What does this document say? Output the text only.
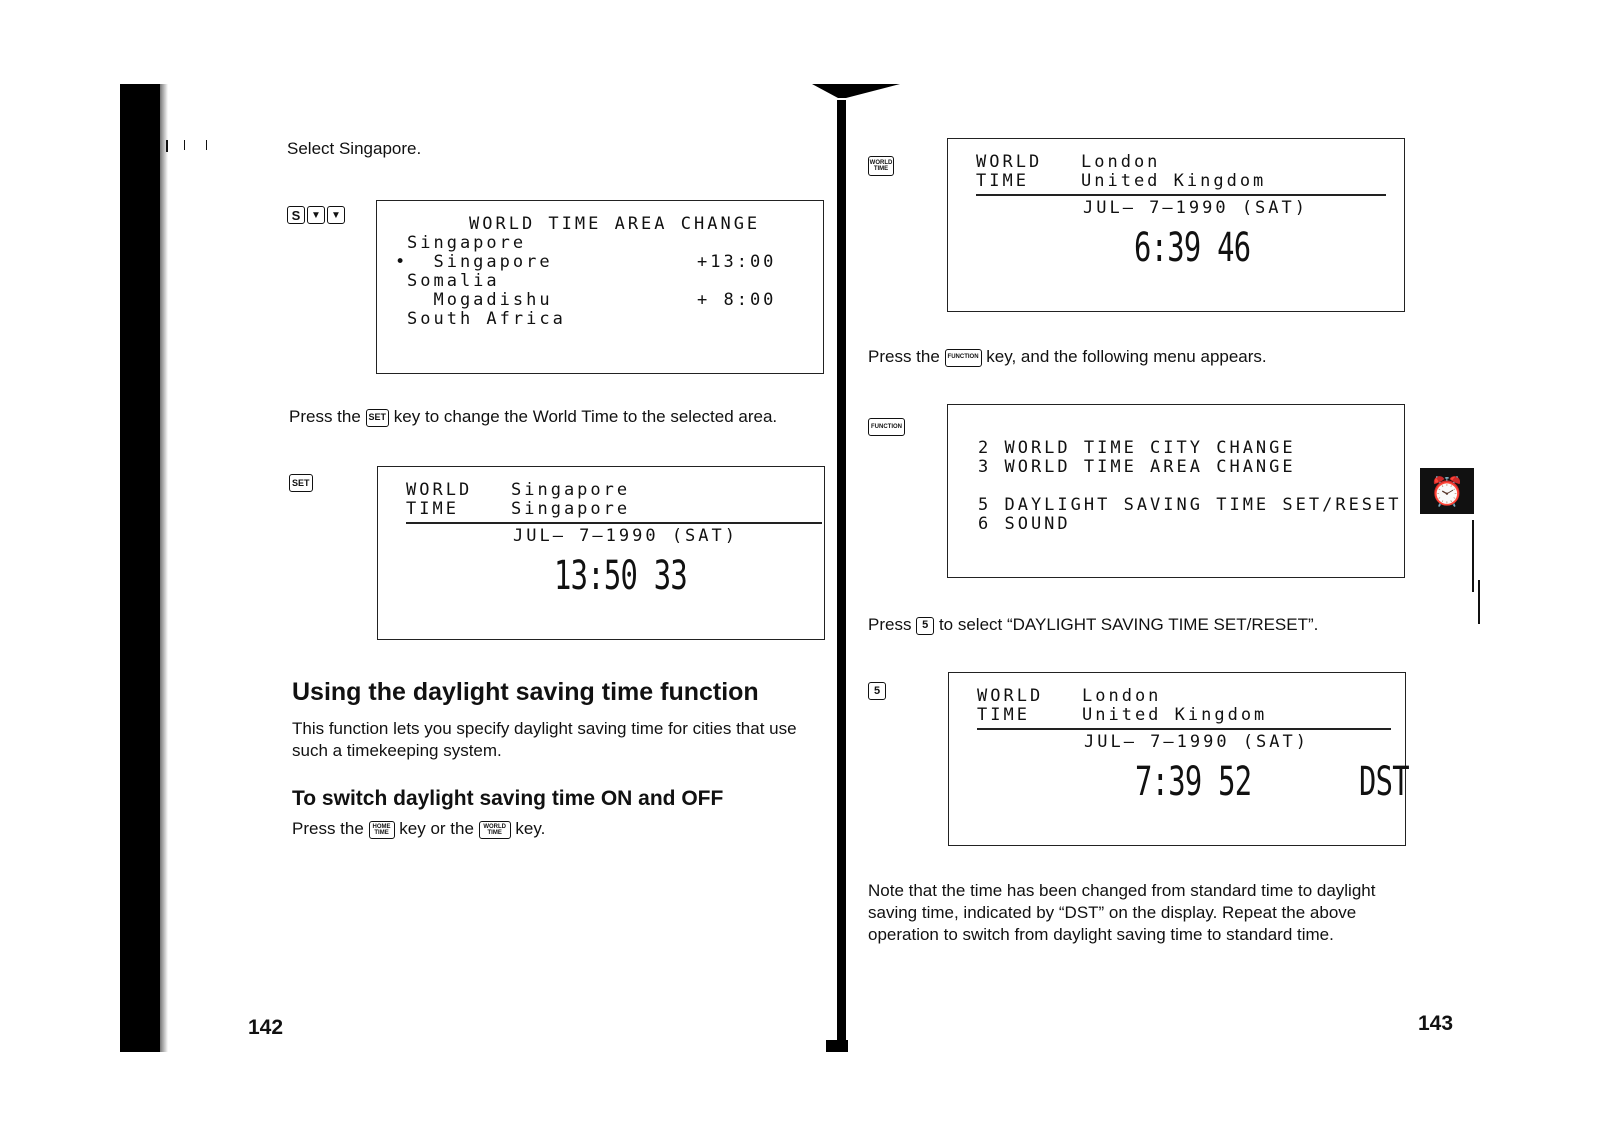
⏰
Select Singapore.
S	▼	▼	WORLD TIME AREA CHANGE
Singapore
•
Singapore	+13:00
Somalia
Mogadishu	+ 8:00
South Africa
Press the SET key to change the World Time to the selected area.
SET	WORLD
TIME
Singapore
Singapore
JUL– 7–1990 (SAT)
13:50 33
Using the daylight saving time function
This function lets you specify daylight saving time for cities that use such a timekeeping system.
To switch daylight saving time ON and OFF
Press the HOME TIME key or the WORLD TIME key.
142
WORLD TIME	WORLD
TIME
London
United Kingdom
JUL– 7–1990 (SAT)
6:39 46
Press the FUNCTION key, and the following menu appears.
FUNCTION
2 WORLD TIME CITY CHANGE
3 WORLD TIME AREA CHANGE
5 DAYLIGHT SAVING TIME SET/RESET
6 SOUND
Press 5 to select “DAYLIGHT SAVING TIME SET/RESET”.
5	WORLD
TIME
London
United Kingdom
JUL– 7–1990 (SAT)
7:39 52	DST
Note that the time has been changed from standard time to daylight saving time, indicated by “DST” on the display. Repeat the above operation to switch from daylight saving time to standard time.
143
